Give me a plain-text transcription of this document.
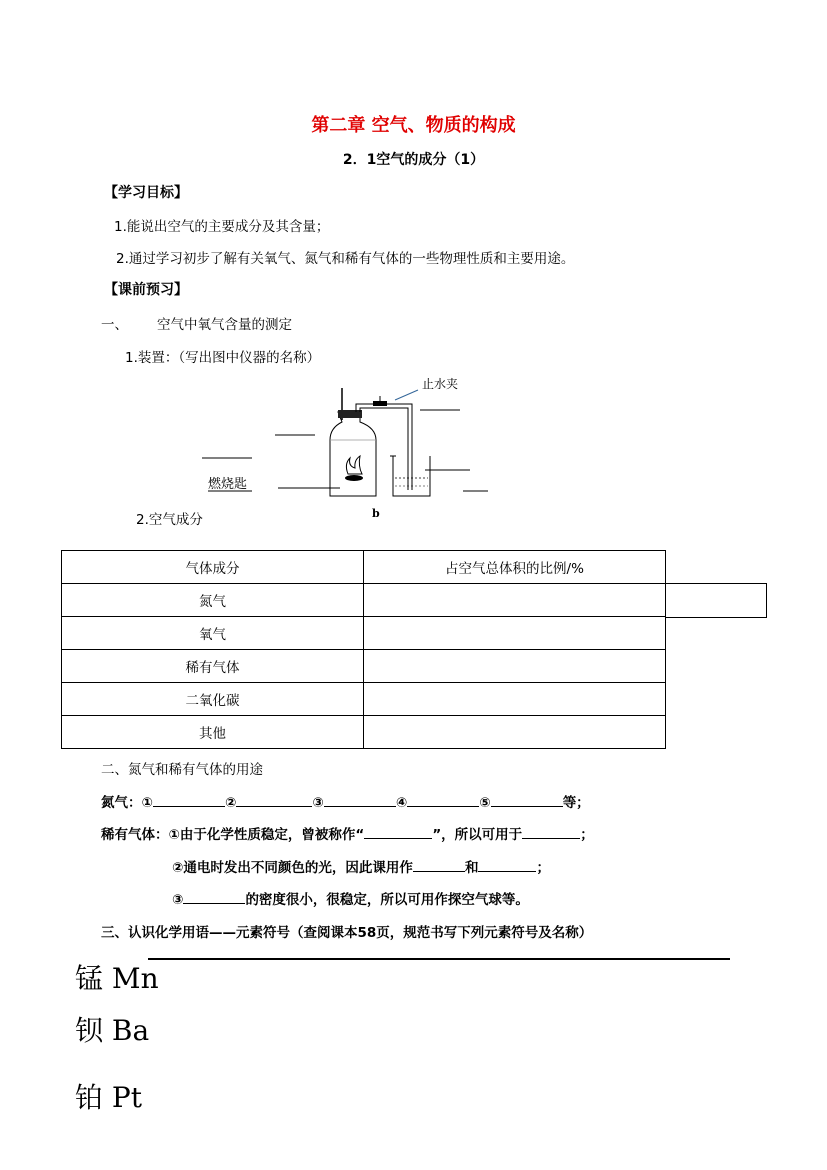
第二章 空气、物质的构成
2．1空气的成分（1）
【学习目标】
1.能说出空气的主要成分及其含量；
2.通过学习初步了解有关氧气、氮气和稀有气体的一些物理性质和主要用途。
【课前预习】
一、 空气中氧气含量的测定
1.装置：（写出图中仪器的名称）
止水夹
燃烧匙
b
2.空气成分
气体成分	占空气总体积的比例/%
氮气	
氧气	
稀有气体	
二氧化碳	
其他	
二、氮气和稀有气体的用途
氮气：①	②	③	④	⑤	等；
稀有气体：①由于化学性质稳定，曾被称作“	”，所以可用于	；
②通电时发出不同颜色的光，因此课用作	和	；
③	的密度很小，很稳定，所以可用作探空气球等。
三、认识化学用语——元素符号（查阅课本58页，规范书写下列元素符号及名称）
锰 Mn
钡 Ba
铂 Pt
